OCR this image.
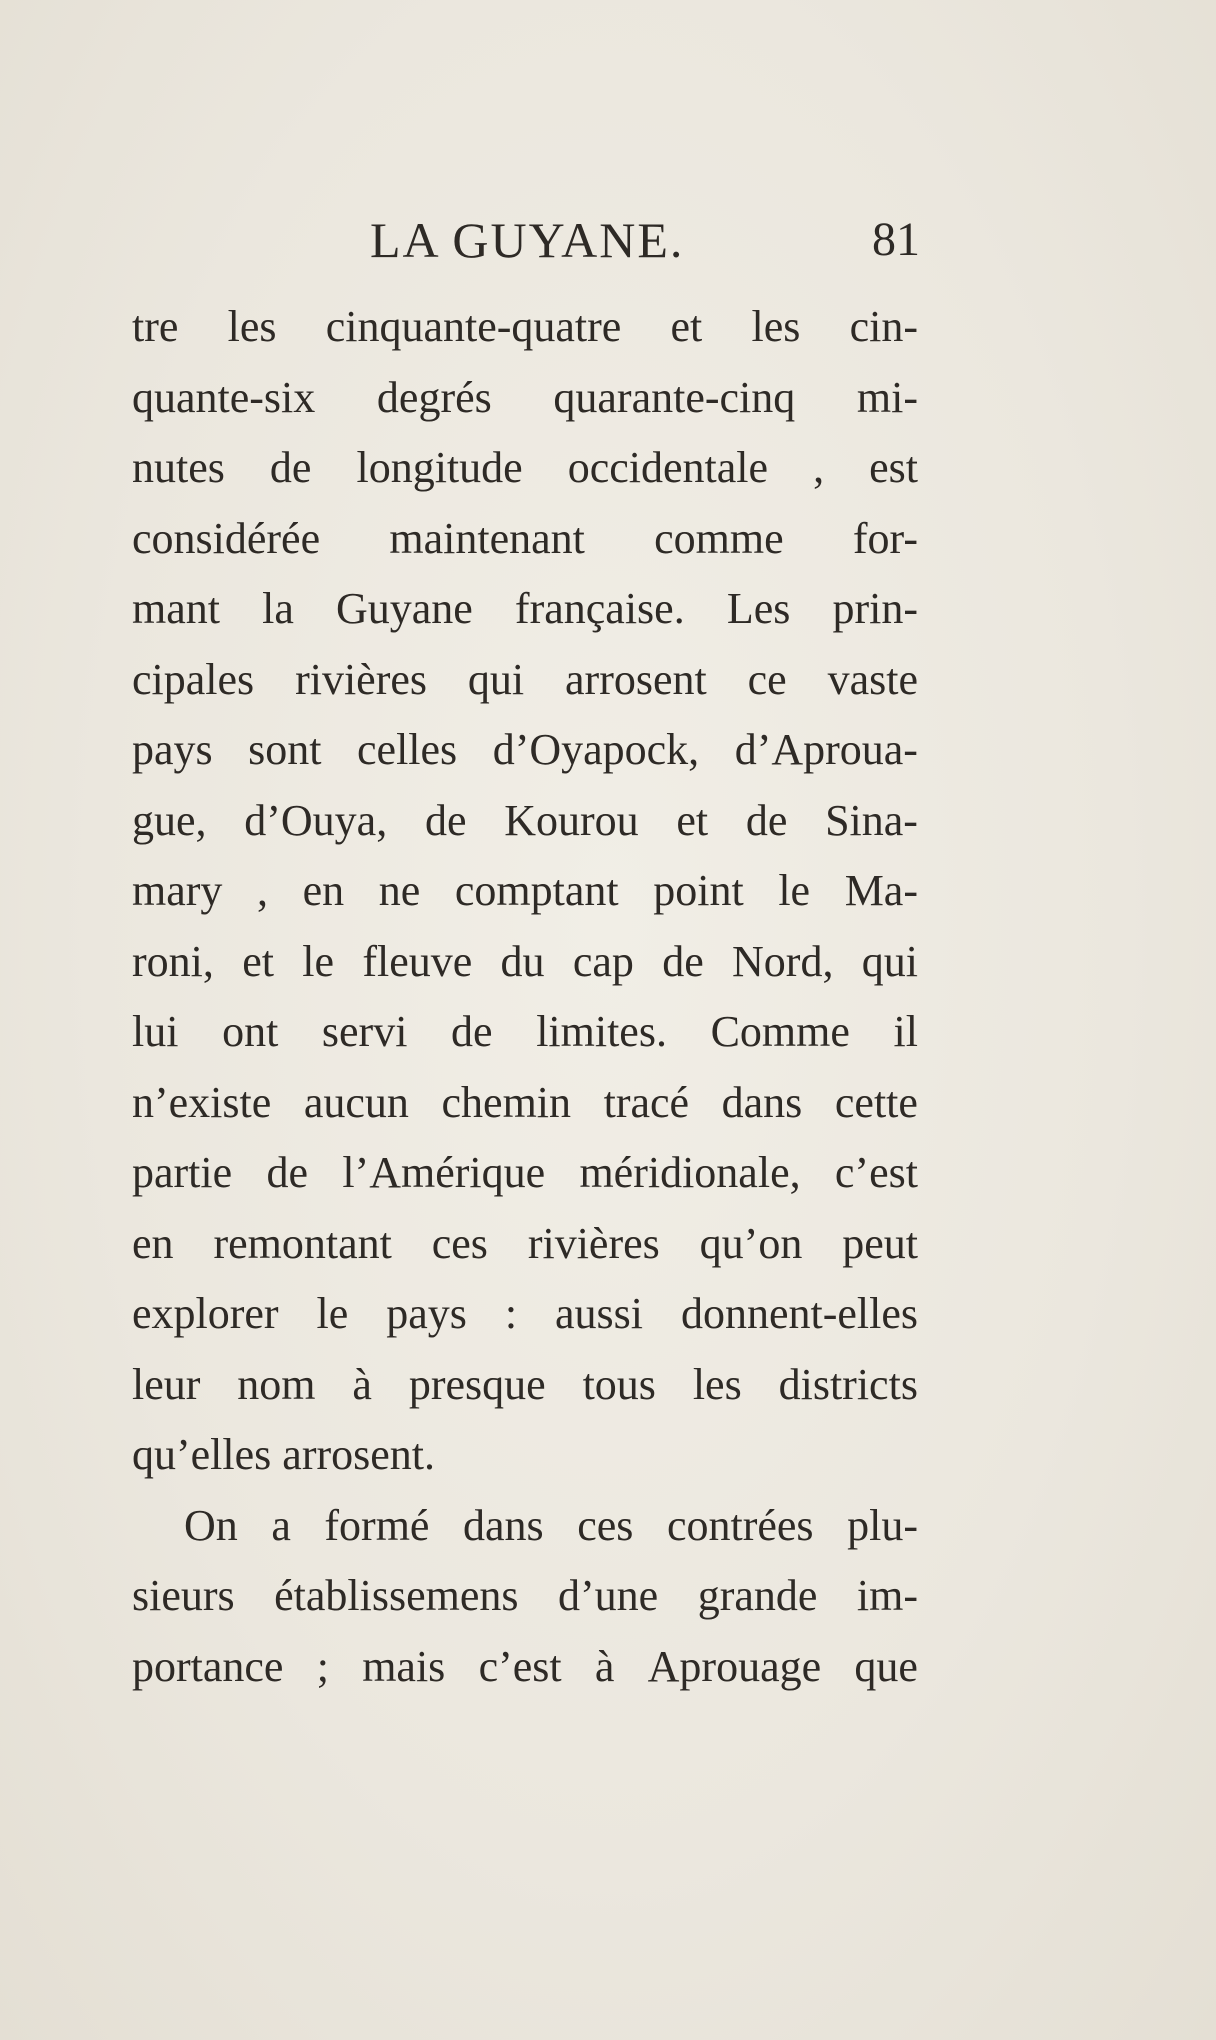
LA GUYANE.	81
tre les cinquante-quatre et les cin-
quante-six degrés quarante-cinq mi-
nutes de longitude occidentale , est
considérée maintenant comme for-
mant la Guyane française. Les prin-
cipales rivières qui arrosent ce vaste
pays sont celles d’Oyapock, d’Aproua-
gue, d’Ouya, de Kourou et de Sina-
mary , en ne comptant point le Ma-
roni, et le fleuve du cap de Nord, qui
lui ont servi de limites. Comme il
n’existe aucun chemin tracé dans cette
partie de l’Amérique méridionale, c’est
en remontant ces rivières qu’on peut
explorer le pays : aussi donnent-elles
leur nom à presque tous les districts
qu’elles arrosent.
On a formé dans ces contrées plu-
sieurs établissemens d’une grande im-
portance ; mais c’est à Aprouage que
